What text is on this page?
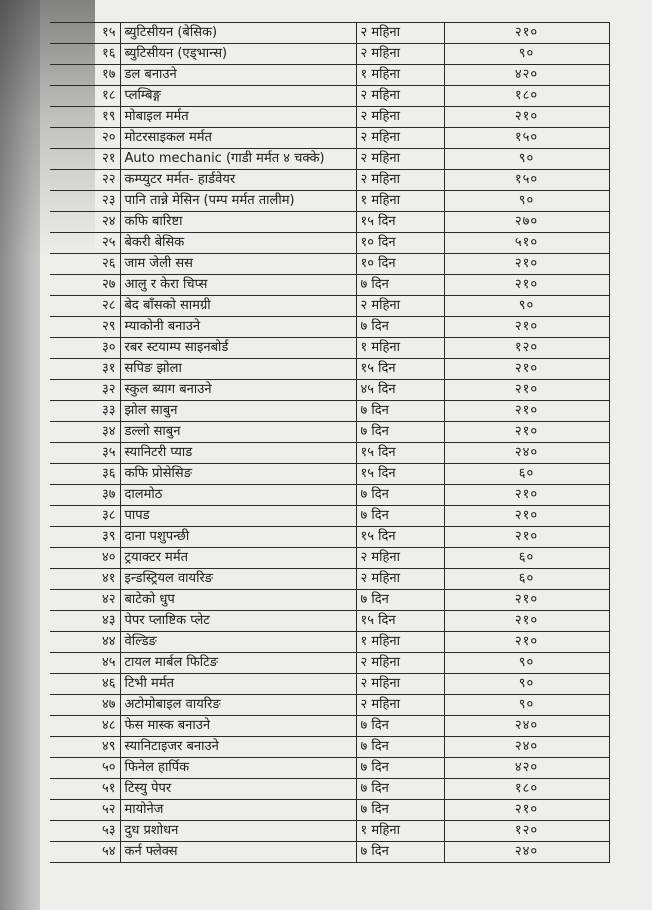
१५	ब्युटिसीयन (बेसिक)	२ महिना	२१०
१६	ब्युटिसीयन (एड्भान्स)	२ महिना	९०
१७	डल बनाउने	१ महिना	४२०
१८	प्लम्बिङ्ग	२ महिना	१८०
१९	मोबाइल मर्मत	२ महिना	२१०
२०	मोटरसाइकल मर्मत	२ महिना	१५०
२१	Auto mechanic (गाडी मर्मत ४ चक्के)	२ महिना	९०
२२	कम्प्युटर मर्मत- हार्डवेयर	२ महिना	१५०
२३	पानि तान्ने मेसिन (पम्प मर्मत तालीम)	१ महिना	९०
२४	कफि बारिष्टा	१५ दिन	२७०
२५	बेकरी बेसिक	१० दिन	५१०
२६	जाम जेली सस	१० दिन	२१०
२७	आलु र केरा चिप्स	७ दिन	२१०
२८	बेद बाँसको सामग्री	२ महिना	९०
२९	म्याकोनी बनाउने	७ दिन	२१०
३०	रबर स्टयाम्प साइनबोर्ड	१ महिना	१२०
३१	सपिङ झोला	१५ दिन	२१०
३२	स्कुल ब्याग बनाउने	४५ दिन	२१०
३३	झोल साबुन	७ दिन	२१०
३४	डल्लो साबुन	७ दिन	२१०
३५	स्यानिटरी प्याड	१५ दिन	२४०
३६	कफि प्रोसेसिङ	१५ दिन	६०
३७	दालमोठ	७ दिन	२१०
३८	पापड	७ दिन	२१०
३९	दाना पशुपन्छी	१५ दिन	२१०
४०	ट्रयाक्टर मर्मत	२ महिना	६०
४१	इन्डस्ट्रियल वायरिङ	२ महिना	६०
४२	बाटेको धुप	७ दिन	२१०
४३	पेपर प्लाष्टिक प्लेट	१५ दिन	२१०
४४	वेल्डिङ	१ महिना	२१०
४५	टायल मार्बल फिटिङ	२ महिना	९०
४६	टिभी मर्मत	२ महिना	९०
४७	अटोमोबाइल वायरिङ	२ महिना	९०
४८	फेस मास्क बनाउने	७ दिन	२४०
४९	स्यानिटाइजर बनाउने	७ दिन	२४०
५०	फिनेल हार्पिक	७ दिन	४२०
५१	टिस्यु पेपर	७ दिन	१८०
५२	मायोनेज	७ दिन	२१०
५३	दुध प्रशोधन	१ महिना	१२०
५४	कर्न फ्लेक्स	७ दिन	२४०
